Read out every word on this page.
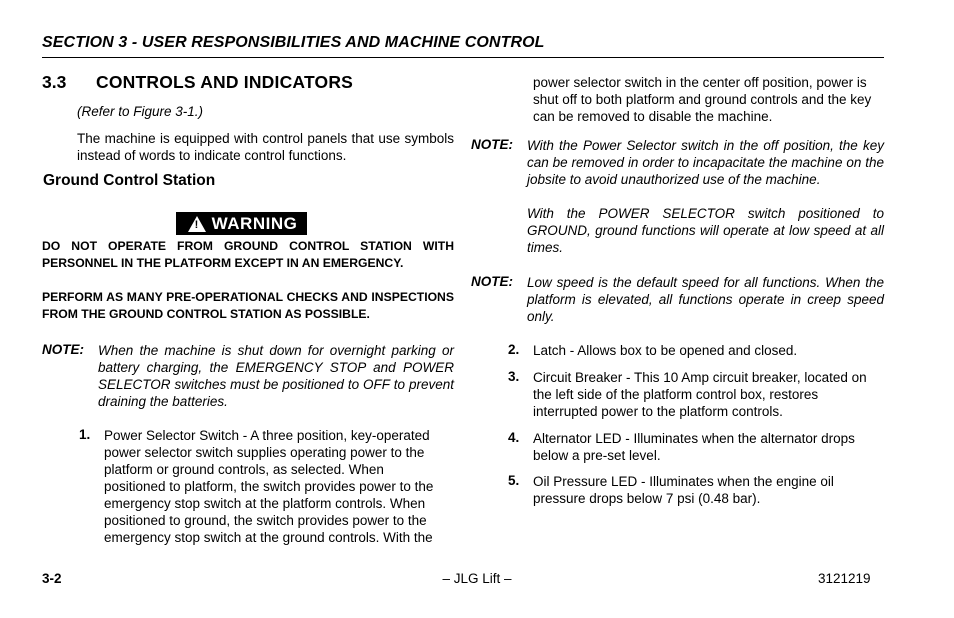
SECTION 3 - USER RESPONSIBILITIES AND MACHINE CONTROL
3.3 CONTROLS AND INDICATORS
(Refer to Figure 3-1.)
The machine is equipped with control panels that use symbols instead of words to indicate control functions.
Ground Control Station
! WARNING
DO NOT OPERATE FROM GROUND CONTROL STATION WITH PERSONNEL IN THE PLATFORM EXCEPT IN AN EMERGENCY.
PERFORM AS MANY PRE-OPERATIONAL CHECKS AND INSPECTIONS FROM THE GROUND CONTROL STATION AS POSSIBLE.
NOTE: When the machine is shut down for overnight parking or battery charging, the EMERGENCY STOP and POWER SELECTOR switches must be positioned to OFF to prevent draining the batteries.
1. Power Selector Switch - A three position, key-operated power selector switch supplies operating power to the platform or ground controls, as selected. When positioned to platform, the switch provides power to the emergency stop switch at the platform controls. When positioned to ground, the switch provides power to the emergency stop switch at the ground controls. With the
power selector switch in the center off position, power is shut off to both platform and ground controls and the key can be removed to disable the machine.
NOTE: With the Power Selector switch in the off position, the key can be removed in order to incapacitate the machine on the jobsite to avoid unauthorized use of the machine.
With the POWER SELECTOR switch positioned to GROUND, ground functions will operate at low speed at all times.
NOTE: Low speed is the default speed for all functions. When the platform is elevated, all functions operate in creep speed only.
2. Latch - Allows box to be opened and closed.
3. Circuit Breaker - This 10 Amp circuit breaker, located on the left side of the platform control box, restores interrupted power to the platform controls.
4. Alternator LED - Illuminates when the alternator drops below a pre-set level.
5. Oil Pressure LED - Illuminates when the engine oil pressure drops below 7 psi (0.48 bar).
3-2	– JLG Lift –	3121219
